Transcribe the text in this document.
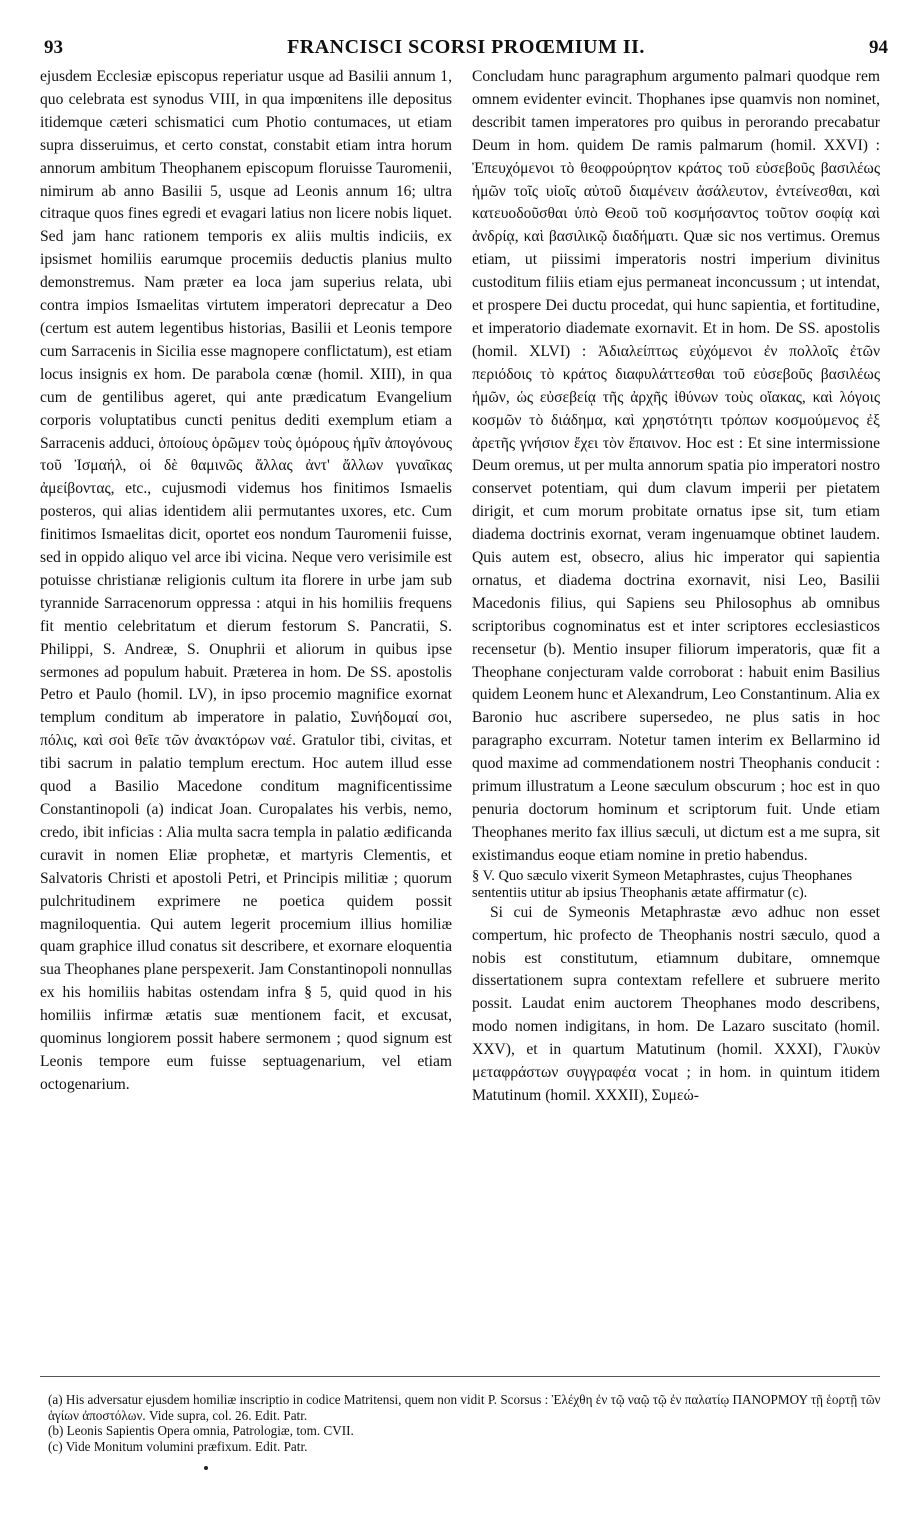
93	FRANCISCI SCORSI PROŒMIUM II.	94

ejusdem Ecclesiæ episcopus reperiatur usque ad Basilii annum 1, quo celebrata est synodus VIII, in qua impœnitens ille depositus itidemque cæteri schismatici cum Photio contumaces, ut etiam supra disseruimus, et certo constat, constabit etiam intra horum annorum ambitum Theophanem episcopum floruisse Tauromenii, nimirum ab anno Basilii 5, usque ad Leonis annum 16; ultra citraque quos fines egredi et evagari latius non licere nobis liquet. Sed jam hanc rationem temporis ex aliis multis indiciis, ex ipsismet homiliis earumque procemiis deductis planius multo demonstremus. Nam præter ea loca jam superius relata, ubi contra impios Ismaelitas virtutem imperatori deprecatur a Deo (certum est autem legentibus historias, Basilii et Leonis tempore cum Sarracenis in Sicilia esse magnopere conflictatum), est etiam locus insignis ex hom. De parabola cœnæ (homil. XIII), in qua cum de gentilibus ageret, qui ante prædicatum Evangelium corporis voluptatibus cuncti penitus dediti exemplum etiam a Sarracenis adduci, ὁποίους ὁρῶμεν τοὺς ὁμόρους ἡμῖν ἀπογόνους τοῦ Ἰσμαήλ, οἱ δὲ θαμινῶς ἄλλας ἀντ' ἄλλων γυναῖκας ἀμείβοντας, etc., cujusmodi videmus hos finitimos Ismaelis posteros, qui alias identidem alii permutantes uxores, etc. Cum finitimos Ismaelitas dicit, oportet eos nondum Tauromenii fuisse, sed in oppido aliquo vel arce ibi vicina. Neque vero verisimile est potuisse christianæ religionis cultum ita florere in urbe jam sub tyrannide Sarracenorum oppressa : atqui in his homiliis frequens fit mentio celebritatum et dierum festorum S. Pancratii, S. Philippi, S. Andreæ, S. Onuphrii et aliorum in quibus ipse sermones ad populum habuit. Præterea in hom. De SS. apostolis Petro et Paulo (homil. LV), in ipso procemio magnifice exornat templum conditum ab imperatore in palatio, Συνήδομαί σοι, πόλις, καὶ σοὶ θεῖε τῶν ἀνακτόρων ναέ. Gratulor tibi, civitas, et tibi sacrum in palatio templum erectum. Hoc autem illud esse quod a Basilio Macedone conditum magnificentissime Constantinopoli (a) indicat Joan. Curopalates his verbis, nemo, credo, ibit inficias : Alia multa sacra templa in palatio ædificanda curavit in nomen Eliæ prophetæ, et martyris Clementis, et Salvatoris Christi et apostoli Petri, et Principis militiæ ; quorum pulchritudinem exprimere ne poetica quidem possit magniloquentia. Qui autem legerit procemium illius homiliæ quam graphice illud conatus sit describere, et exornare eloquentia sua Theophanes plane perspexerit. Jam Constantinopoli nonnullas ex his homiliis habitas ostendam infra § 5, quid quod in his homiliis infirmæ ætatis suæ mentionem facit, et excusat, quominus longiorem possit habere sermonem ; quod signum est Leonis tempore eum fuisse septuagenarium, vel etiam octogenarium.

Concludam hunc paragraphum argumento palmari quodque rem omnem evidenter evincit. Thophanes ipse quamvis non nominet, describit tamen imperatores pro quibus in perorando precabatur Deum in hom. quidem De ramis palmarum (homil. XXVI) : Ἐπευχόμενοι τὸ θεοφρούρητον κράτος τοῦ εὐσεβοῦς βασιλέως ἡμῶν τοῖς υἱοῖς αὐτοῦ διαμένειν ἀσάλευτον, ἐντείνεσθαι, καὶ κατευοδοῦσθαι ὑπὸ Θεοῦ τοῦ κοσμήσαντος τοῦτον σοφίᾳ καὶ ἀνδρίᾳ, καὶ βασιλικῷ διαδήματι. Quæ sic nos vertimus. Oremus etiam, ut piissimi imperatoris nostri imperium divinitus custoditum filiis etiam ejus permaneat inconcussum ; ut intendat, et prospere Dei ductu procedat, qui hunc sapientia, et fortitudine, et imperatorio diademate exornavit. Et in hom. De SS. apostolis (homil. XLVI) : Ἀδιαλείπτως εὐχόμενοι ἐν πολλοῖς ἐτῶν περιόδοις τὸ κράτος διαφυλάττεσθαι τοῦ εὐσεβοῦς βασιλέως ἡμῶν, ὡς εὐσεβείᾳ τῆς ἀρχῆς ἰθύνων τοὺς οἴακας, καὶ λόγοις κοσμῶν τὸ διάδημα, καὶ χρηστότητι τρόπων κοσμούμενος ἐξ ἀρετῆς γνήσιον ἔχει τὸν ἔπαινον. Hoc est : Et sine intermissione Deum oremus, ut per multa annorum spatia pio imperatori nostro conservet potentiam, qui dum clavum imperii per pietatem dirigit, et cum morum probitate ornatus ipse sit, tum etiam diadema doctrinis exornat, veram ingenuamque obtinet laudem. Quis autem est, obsecro, alius hic imperator qui sapientia ornatus, et diadema doctrina exornavit, nisi Leo, Basilii Macedonis filius, qui Sapiens seu Philosophus ab omnibus scriptoribus cognominatus est et inter scriptores ecclesiasticos recensetur (b). Mentio insuper filiorum imperatoris, quæ fit a Theophane conjecturam valde corroborat : habuit enim Basilius quidem Leonem hunc et Alexandrum, Leo Constantinum. Alia ex Baronio huc ascribere supersedeo, ne plus satis in hoc paragrapho excurram. Notetur tamen interim ex Bellarmino id quod maxime ad commendationem nostri Theophanis conducit : primum illustratum a Leone sæculum obscurum ; hoc est in quo penuria doctorum hominum et scriptorum fuit. Unde etiam Theophanes merito fax illius sæculi, ut dictum est a me supra, sit existimandus eoque etiam nomine in pretio habendus.

§ V. Quo sæculo vixerit Symeon Metaphrastes, cujus Theophanes sententiis utitur ab ipsius Theophanis ætate affirmatur (c).

Si cui de Symeonis Metaphrastæ ævo adhuc non esset compertum, hic profecto de Theophanis nostri sæculo, quod a nobis est constitutum, etiamnum dubitare, omnemque dissertationem supra contextam refellere et subruere merito possit. Laudat enim auctorem Theophanes modo describens, modo nomen indigitans, in hom. De Lazaro suscitato (homil. XXV), et in quartum Matutinum (homil. XXXI), Γλυκὺν μεταφράστων συγγραφέα vocat ; in hom. in quintum itidem Matutinum (homil. XXXII), Συμεώ-

(a) His adversatur ejusdem homiliæ inscriptio in codice Matritensi, quem non vidit P. Scorsus : Ἐλέχθη ἐν τῷ ναῷ τῷ ἐν παλατίῳ ΠΑΝΟΡΜΟΥ τῇ ἑορτῇ τῶν ἁγίων ἀποστόλων. Vide supra, col. 26. Edit. Patr.
(b) Leonis Sapientis Opera omnia, Patrologiæ, tom. CVII.
(c) Vide Monitum volumini præfixum. Edit. Patr.
